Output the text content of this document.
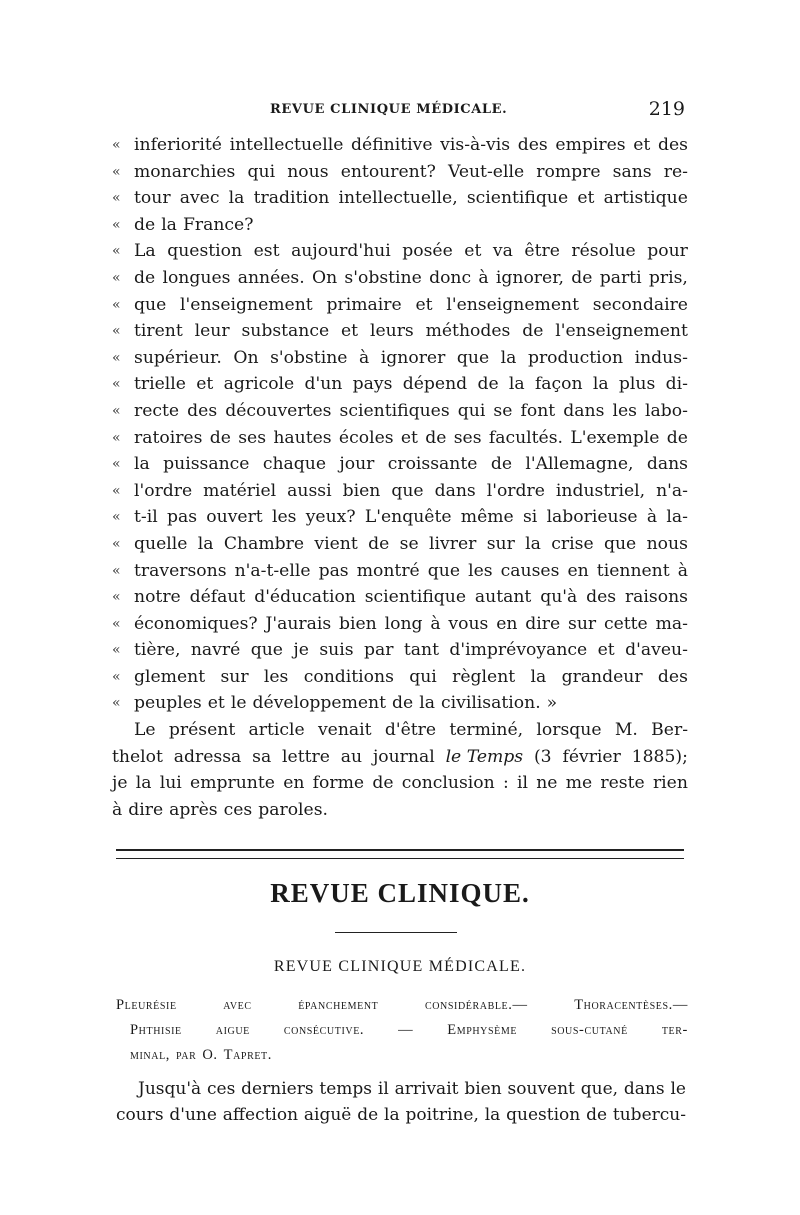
REVUE CLINIQUE MÉDICALE.	219
« inferiorité intellectuelle définitive vis-à-vis des empires et des
« monarchies qui nous entourent? Veut-elle rompre sans re-
« tour avec la tradition intellectuelle, scientifique et artistique
« de la France?
« La question est aujourd'hui posée et va être résolue pour
« de longues années. On s'obstine donc à ignorer, de parti pris,
« que l'enseignement primaire et l'enseignement secondaire
« tirent leur substance et leurs méthodes de l'enseignement
« supérieur. On s'obstine à ignorer que la production indus-
« trielle et agricole d'un pays dépend de la façon la plus di-
« recte des découvertes scientifiques qui se font dans les labo-
« ratoires de ses hautes écoles et de ses facultés. L'exemple de
« la puissance chaque jour croissante de l'Allemagne, dans
« l'ordre matériel aussi bien que dans l'ordre industriel, n'a-
« t-il pas ouvert les yeux? L'enquête même si laborieuse à la-
« quelle la Chambre vient de se livrer sur la crise que nous
« traversons n'a-t-elle pas montré que les causes en tiennent à
« notre défaut d'éducation scientifique autant qu'à des raisons
« économiques? J'aurais bien long à vous en dire sur cette ma-
« tière, navré que je suis par tant d'imprévoyance et d'aveu-
« glement sur les conditions qui règlent la grandeur des
« peuples et le développement de la civilisation. »
Le présent article venait d'être terminé, lorsque M. Ber-
thelot adressa sa lettre au journal le Temps (3 février 1885);
je la lui emprunte en forme de conclusion : il ne me reste rien
à dire après ces paroles.
REVUE CLINIQUE.
REVUE CLINIQUE MÉDICALE.
Pleurésie	avec	épanchement	considérable.—	Thoracentèses.—
Phthisie aigue consécutive. — Emphysème sous-cutané ter-
minal, par O. Tapret.
Jusqu'à ces derniers temps il arrivait bien souvent que, dans le
cours d'une affection aiguë de la poitrine, la question de tubercu-
